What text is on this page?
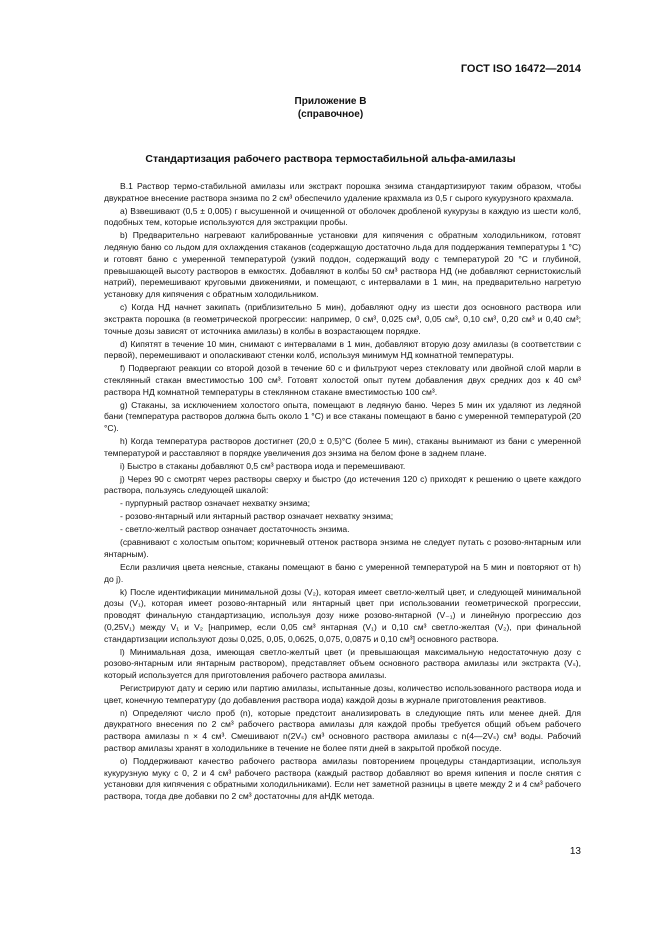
ГОСТ ISO 16472—2014
Приложение В
(справочное)
Стандартизация рабочего раствора термостабильной альфа-амилазы

В.1 Раствор термо-стабильной амилазы или экстракт порошка энзима стандартизируют таким образом, чтобы двукратное внесение раствора энзима по 2 см³ обеспечило удаление крахмала из 0,5 г сырого кукурузного крахмала.

a) Взвешивают (0,5 ± 0,005) г высушенной и очищенной от оболочек дробленой кукурузы в каждую из шести колб, подобных тем, которые используются для экстракции пробы.

b) Предварительно нагревают калиброванные установки для кипячения с обратным холодильником, готовят ледяную баню со льдом для охлаждения стаканов (содержащую достаточно льда для поддержания температуры 1 °С) и готовят баню с умеренной температурой (узкий поддон, содержащий воду с температурой 20 °С и глубиной, превышающей высоту растворов в емкостях. Добавляют в колбы 50 см³ раствора НД (не добавляют сернистокислый натрий), перемешивают круговыми движениями, и помещают, с интервалами в 1 мин, на предварительно нагретую установку для кипячения с обратным холодильником.

c) Когда НД начнет закипать (приблизительно 5 мин), добавляют одну из шести доз основного раствора или экстракта порошка (в геометрической прогрессии: например, 0 см³, 0,025 см³, 0,05 см³, 0,10 см³, 0,20 см³ и 0,40 см³; точные дозы зависят от источника амилазы) в колбы в возрастающем порядке.

d) Кипятят в течение 10 мин, снимают с интервалами в 1 мин, добавляют вторую дозу амилазы (в соответствии с первой), перемешивают и ополаскивают стенки колб, используя минимум НД комнатной температуры.

f) Подвергают реакции со второй дозой в течение 60 с и фильтруют через стекловату или двойной слой марли в стеклянный стакан вместимостью 100 см³. Готовят холостой опыт путем добавления двух средних доз к 40 см³ раствора НД комнатной температуры в стеклянном стакане вместимостью 100 см³.

g) Стаканы, за исключением холостого опыта, помещают в ледяную баню. Через 5 мин их удаляют из ледяной бани (температура растворов должна быть около 1 °С) и все стаканы помещают в баню с умеренной температурой (20 °С).

h) Когда температура растворов достигнет (20,0 ± 0,5)°С (более 5 мин), стаканы вынимают из бани с умеренной температурой и расставляют в порядке увеличения доз энзима на белом фоне в заднем плане.

i) Быстро в стаканы добавляют 0,5 см³ раствора иода и перемешивают.

j) Через 90 с смотрят через растворы сверху и быстро (до истечения 120 с) приходят к решению о цвете каждого раствора, пользуясь следующей шкалой:

- пурпурный раствор означает нехватку энзима;

- розово-янтарный или янтарный раствор означает нехватку энзима;

- светло-желтый раствор означает достаточность энзима.

(сравнивают с холостым опытом; коричневый оттенок раствора энзима не следует путать с розово-янтарным или янтарным).

Если различия цвета неясные, стаканы помещают в баню с умеренной температурой на 5 мин и повторяют от h) до j).

k) После идентификации минимальной дозы (V₂), которая имеет светло-желтый цвет, и следующей минимальной дозы (V₁), которая имеет розово-янтарный или янтарный цвет при использовании геометрической прогрессии, проводят финальную стандартизацию, используя дозу ниже розово-янтарной (V₋₁) и линейную прогрессию доз (0,25V₁) между V₁ и V₂ [например, если 0,05 см³ янтарная (V₁) и 0,10 см³ светло-желтая (V₂), при финальной стандартизации используют дозы 0,025, 0,05, 0,0625, 0,075, 0,0875 и 0,10 см³] основного раствора.

l) Минимальная доза, имеющая светло-желтый цвет (и превышающая максимальную недостаточную дозу с розово-янтарным или янтарным раствором), представляет объем основного раствора амилазы или экстракта (Vₛ), который используется для приготовления рабочего раствора амилазы.

Регистрируют дату и серию или партию амилазы, испытанные дозы, количество использованного раствора иода и цвет, конечную температуру (до добавления раствора иода) каждой дозы в журнале приготовления реактивов.

n) Определяют число проб (n), которые предстоит анализировать в следующие пять или менее дней. Для двукратного внесения по 2 см³ рабочего раствора амилазы для каждой пробы требуется общий объем рабочего раствора амилазы n × 4 см³. Смешивают n(2Vₛ) см³ основного раствора амилазы с n(4—2Vₛ) см³ воды. Рабочий раствор амилазы хранят в холодильнике в течение не более пяти дней в закрытой пробкой посуде.

o) Поддерживают качество рабочего раствора амилазы повторением процедуры стандартизации, используя кукурузную муку с 0, 2 и 4 см³ рабочего раствора (каждый раствор добавляют во время кипения и после снятия с установки для кипячения с обратными холодильниками). Если нет заметной разницы в цвете между 2 и 4 см³ рабочего раствора, тогда две добавки по 2 см³ достаточны для аНДК метода.

13
